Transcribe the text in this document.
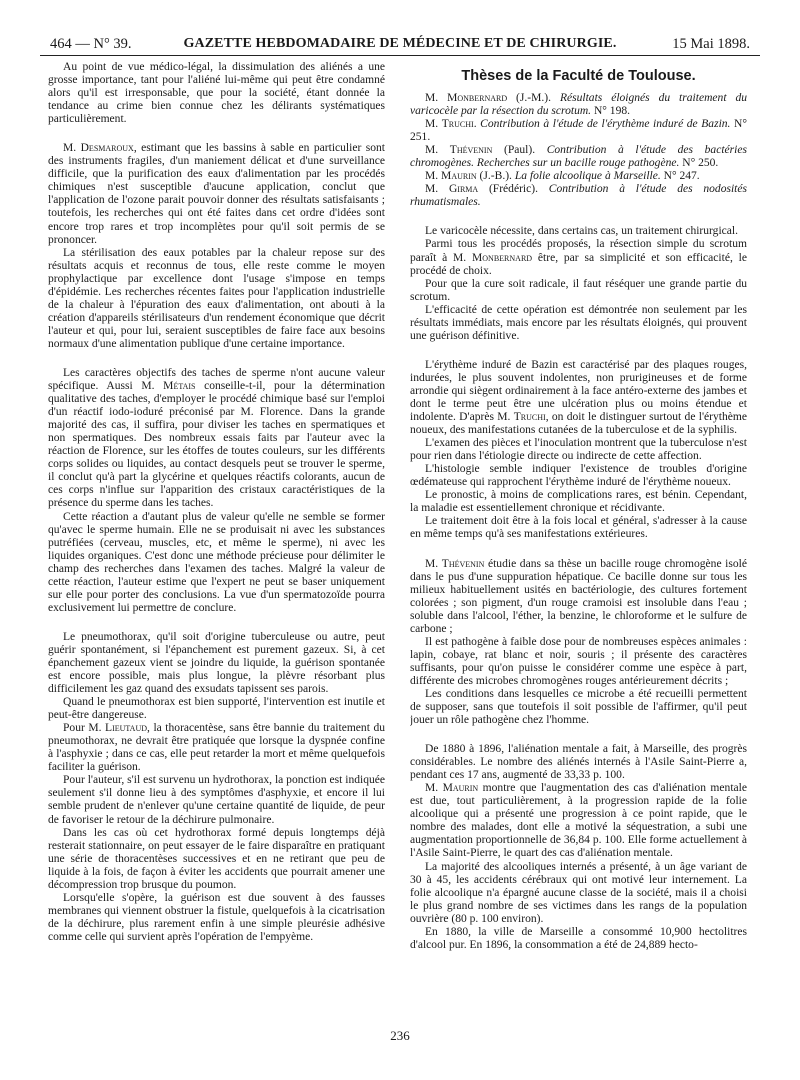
464 — N° 39.	GAZETTE HEBDOMADAIRE DE MÉDECINE ET DE CHIRURGIE.	15 Mai 1898.

Au point de vue médico-légal, la dissimulation des aliénés a une grosse importance, tant pour l'aliéné lui-même qui peut être condamné alors qu'il est irresponsable, que pour la société, étant donnée la tendance au crime bien connue chez les délirants systématiques particulièrement.

M. Desmaroux, estimant que les bassins à sable en particulier sont des instruments fragiles, d'un maniement délicat et d'une surveillance difficile, que la purification des eaux d'alimentation par les procédés chimiques n'est susceptible d'aucune application, conclut que l'application de l'ozone parait pouvoir donner des résultats satisfaisants ; toutefois, les recherches qui ont été faites dans cet ordre d'idées sont encore trop rares et trop incomplètes pour qu'il soit permis de se prononcer.

La stérilisation des eaux potables par la chaleur repose sur des résultats acquis et reconnus de tous, elle reste comme le moyen prophylactique par excellence dont l'usage s'impose en temps d'épidémie. Les recherches récentes faites pour l'application industrielle de la chaleur à l'épuration des eaux d'alimentation, ont abouti à la création d'appareils stérilisateurs d'un rendement économique que décrit l'auteur et qui, pour lui, seraient susceptibles de faire face aux besoins normaux d'une alimentation publique d'une certaine importance.

Les caractères objectifs des taches de sperme n'ont aucune valeur spécifique. Aussi M. Métais conseille-t-il, pour la détermination qualitative des taches, d'employer le procédé chimique basé sur l'emploi d'un réactif iodo-ioduré préconisé par M. Florence. Dans la grande majorité des cas, il suffira, pour diviser les taches en spermatiques et non spermatiques. Des nombreux essais faits par l'auteur avec la réaction de Florence, sur les étoffes de toutes couleurs, sur les différents corps solides ou liquides, au contact desquels peut se trouver le sperme, il conclut qu'à part la glycérine et quelques réactifs colorants, aucun de ces corps n'influe sur l'apparition des cristaux caractéristiques de la présence du sperme dans les taches.

Cette réaction a d'autant plus de valeur qu'elle ne semble se former qu'avec le sperme humain. Elle ne se produisait ni avec les substances putréfiées (cerveau, muscles, etc, et même le sperme), ni avec les liquides organiques. C'est donc une méthode précieuse pour délimiter le champ des recherches dans l'examen des taches. Malgré la valeur de cette réaction, l'auteur estime que l'expert ne peut se baser uniquement sur elle pour porter des conclusions. La vue d'un spermatozoïde pourra exclusivement lui permettre de conclure.

Le pneumothorax, qu'il soit d'origine tuberculeuse ou autre, peut guérir spontanément, si l'épanchement est purement gazeux. Si, à cet épanchement gazeux vient se joindre du liquide, la guérison spontanée est encore possible, mais plus longue, la plèvre résorbant plus difficilement les gaz quand des exsudats tapissent ses parois.

Quand le pneumothorax est bien supporté, l'intervention est inutile et peut-être dangereuse.

Pour M. Lieutaud, la thoracentèse, sans être bannie du traitement du pneumothorax, ne devrait être pratiquée que lorsque la dyspnée confine à l'asphyxie ; dans ce cas, elle peut retarder la mort et même quelquefois faciliter la guérison.

Pour l'auteur, s'il est survenu un hydrothorax, la ponction est indiquée seulement s'il donne lieu à des symptômes d'asphyxie, et encore il lui semble prudent de n'enlever qu'une certaine quantité de liquide, de peur de favoriser le retour de la déchirure pulmonaire.

Dans les cas où cet hydrothorax formé depuis longtemps déjà resterait stationnaire, on peut essayer de le faire disparaître en pratiquant une série de thoracentèses successives et en ne retirant que peu de liquide à la fois, de façon à éviter les accidents que pourrait amener une décompression trop brusque du poumon.

Lorsqu'elle s'opère, la guérison est due souvent à des fausses membranes qui viennent obstruer la fistule, quelquefois à la cicatrisation de la déchirure, plus rarement enfin à une simple pleurésie adhésive comme celle qui survient après l'opération de l'empyème.

Thèses de la Faculté de Toulouse.

M. Monbernard (J.-M.). Résultats éloignés du traitement du varicocèle par la résection du scrotum. N° 198.

M. Truchi. Contribution à l'étude de l'érythème induré de Bazin. N° 251.

M. Thévenin (Paul). Contribution à l'étude des bactéries chromogènes. Recherches sur un bacille rouge pathogène. N° 250.

M. Maurin (J.-B.). La folie alcoolique à Marseille. N° 247.

M. Girma (Frédéric). Contribution à l'étude des nodosités rhumatismales.

Le varicocèle nécessite, dans certains cas, un traitement chirurgical.

Parmi tous les procédés proposés, la résection simple du scrotum paraît à M. Monbernard être, par sa simplicité et son efficacité, le procédé de choix.

Pour que la cure soit radicale, il faut réséquer une grande partie du scrotum.

L'efficacité de cette opération est démontrée non seulement par les résultats immédiats, mais encore par les résultats éloignés, qui prouvent une guérison définitive.

L'érythème induré de Bazin est caractérisé par des plaques rouges, indurées, le plus souvent indolentes, non prurigineuses et de forme arrondie qui siègent ordinairement à la face antéro-externe des jambes et dont le terme peut être une ulcération plus ou moins étendue et indolente. D'après M. Truchi, on doit le distinguer surtout de l'érythème noueux, des manifestations cutanées de la tuberculose et de la syphilis.

L'examen des pièces et l'inoculation montrent que la tuberculose n'est pour rien dans l'étiologie directe ou indirecte de cette affection.

L'histologie semble indiquer l'existence de troubles d'origine œdémateuse qui rapprochent l'érythème induré de l'érythème noueux.

Le pronostic, à moins de complications rares, est bénin. Cependant, la maladie est essentiellement chronique et récidivante.

Le traitement doit être à la fois local et général, s'adresser à la cause en même temps qu'à ses manifestations extérieures.

M. Thévenin étudie dans sa thèse un bacille rouge chromogène isolé dans le pus d'une suppuration hépatique. Ce bacille donne sur tous les milieux habituellement usités en bactériologie, des cultures fortement colorées ; son pigment, d'un rouge cramoisi est insoluble dans l'eau ; soluble dans l'alcool, l'éther, la benzine, le chloroforme et le sulfure de carbone ;

Il est pathogène à faible dose pour de nombreuses espèces animales : lapin, cobaye, rat blanc et noir, souris ; il présente des caractères suffisants, pour qu'on puisse le considérer comme une espèce à part, différente des microbes chromogènes rouges antérieurement décrits ;

Les conditions dans lesquelles ce microbe a été recueilli permettent de supposer, sans que toutefois il soit possible de l'affirmer, qu'il peut jouer un rôle pathogène chez l'homme.

De 1880 à 1896, l'aliénation mentale a fait, à Marseille, des progrès considérables. Le nombre des aliénés internés à l'Asile Saint-Pierre a, pendant ces 17 ans, augmenté de 33,33 p. 100.

M. Maurin montre que l'augmentation des cas d'aliénation mentale est due, tout particulièrement, à la progression rapide de la folie alcoolique qui a présenté une progression à ce point rapide, que le nombre des malades, dont elle a motivé la séquestration, a subi une augmentation proportionnelle de 36,84 p. 100. Elle forme actuellement à l'Asile Saint-Pierre, le quart des cas d'aliénation mentale.

La majorité des alcooliques internés a présenté, à un âge variant de 30 à 45, les accidents cérébraux qui ont motivé leur internement. La folie alcoolique n'a épargné aucune classe de la société, mais il a choisi le plus grand nombre de ses victimes dans les rangs de la population ouvrière (80 p. 100 environ).

En 1880, la ville de Marseille a consommé 10,900 hectolitres d'alcool pur. En 1896, la consommation a été de 24,889 hecto-

236
